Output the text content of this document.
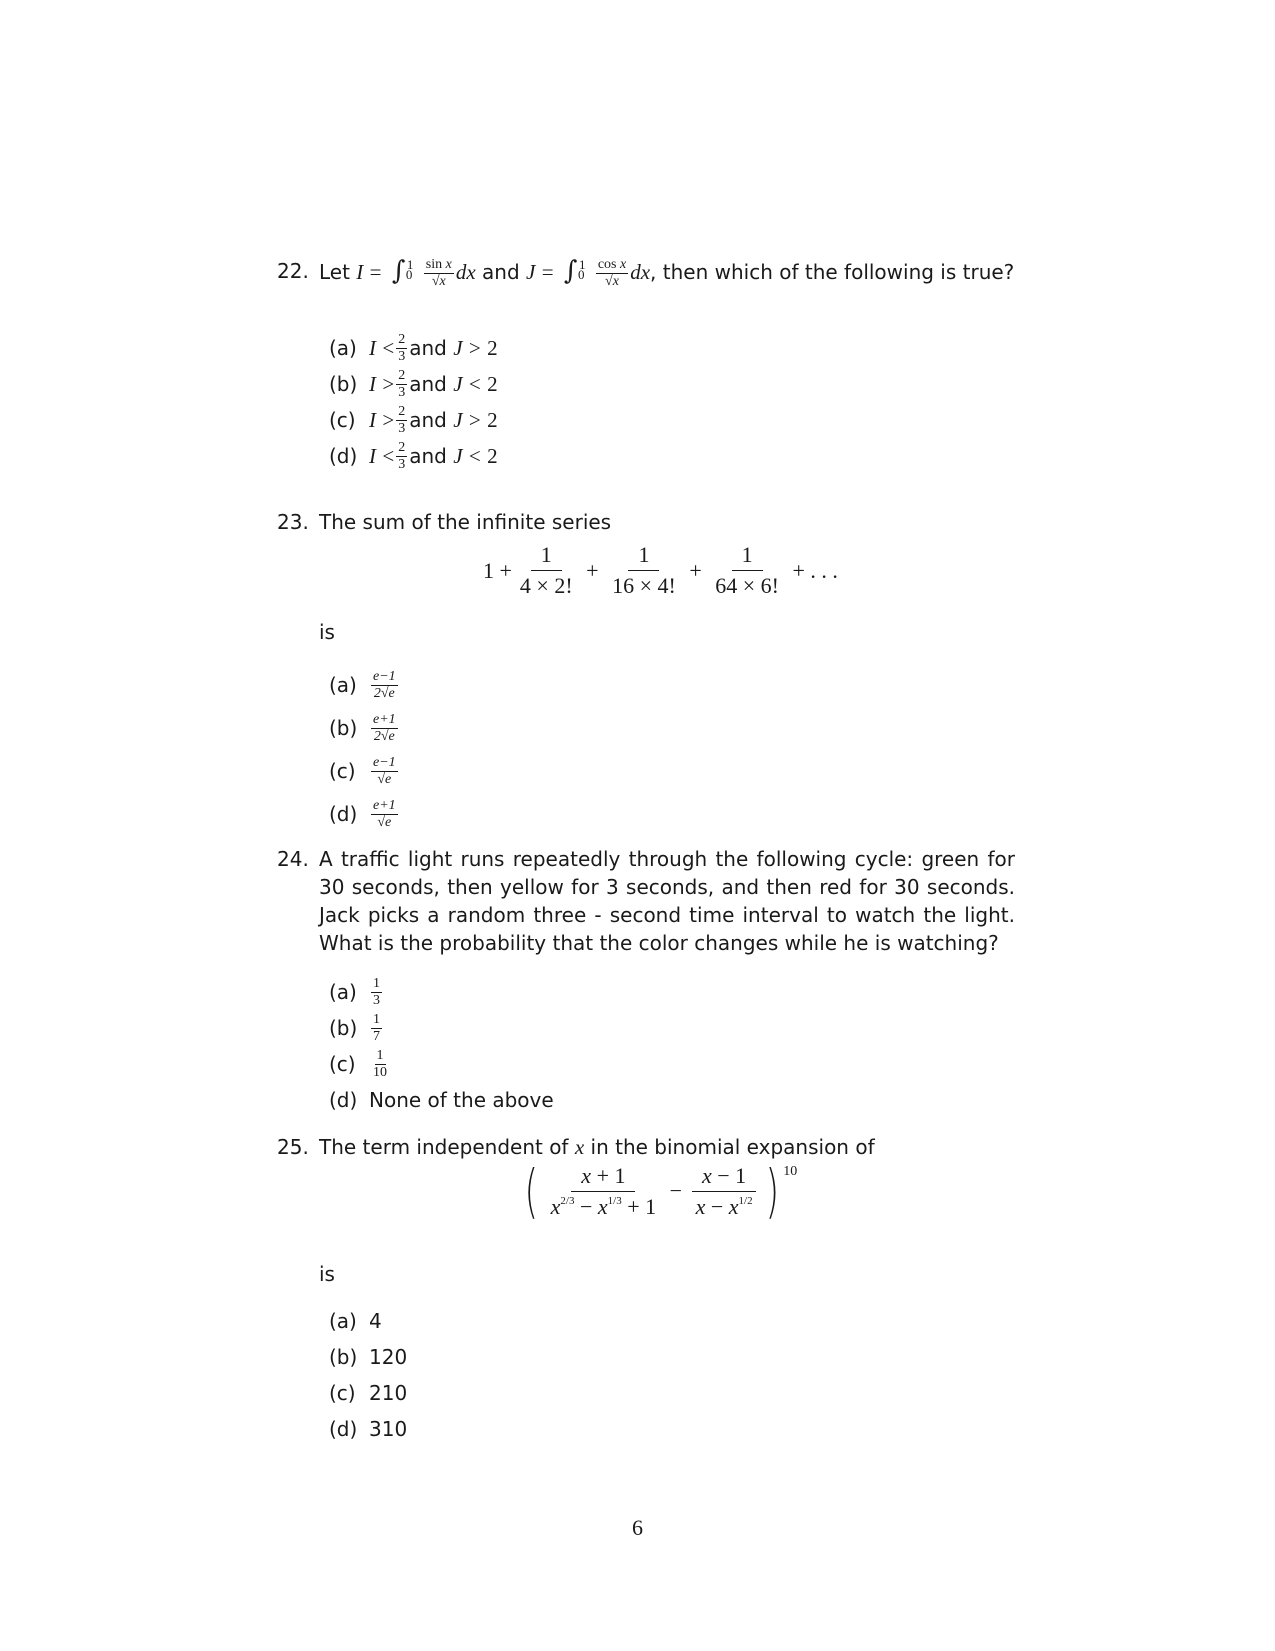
22. Let I = ∫ 1
0
$\frac{\text{sin x}}{√x}$ dx and J = ∫ 1
0
$\frac{\text{cos x}}{√x}$ dx, then which of the following is true?
(a) I
< $\frac{2}{3}$ and
J
>
2
(b) I
> $\frac{2}{3}$ and
J
<
2
(c) I
> $\frac{2}{3}$ and
J
>
2
(d) I
< $\frac{2}{3}$ and
J
<
2
23. The sum of the infinite series
$1 + \frac{1}{4 \times 2!} + \frac{1}{16 \times 4!} + \frac{1}{64 \times 6!}$ + . . .
is
(a)	$\frac{e-1}{2√e}$
$(b) \frac{e+1}{2√e}$
(c)	$\frac{e-1}{√e}$
$(d) \frac{e+1}{√e}$
24. A traffic light runs repeatedly through the following cycle: green for 30 seconds, then yellow for 3 seconds, and then red for 30 seconds. Jack picks a random three - second time interval to watch the light. What is the probability that the color changes while he is watching?
(a)	$\frac{1}{3}$
$(b) \frac{1}{7}$
(c)	$\frac{1}{10}$
(d) None of the above
25. The term independent of x in the binomial expansion of
( $\frac{x + 1}{x^{2/3} - x^{1/3} + 1} - \frac{x - 1}{x - x^{1/2}}$ ) 10
is
(a) 4
(b) 120
(c) 210
(d) 310
6
